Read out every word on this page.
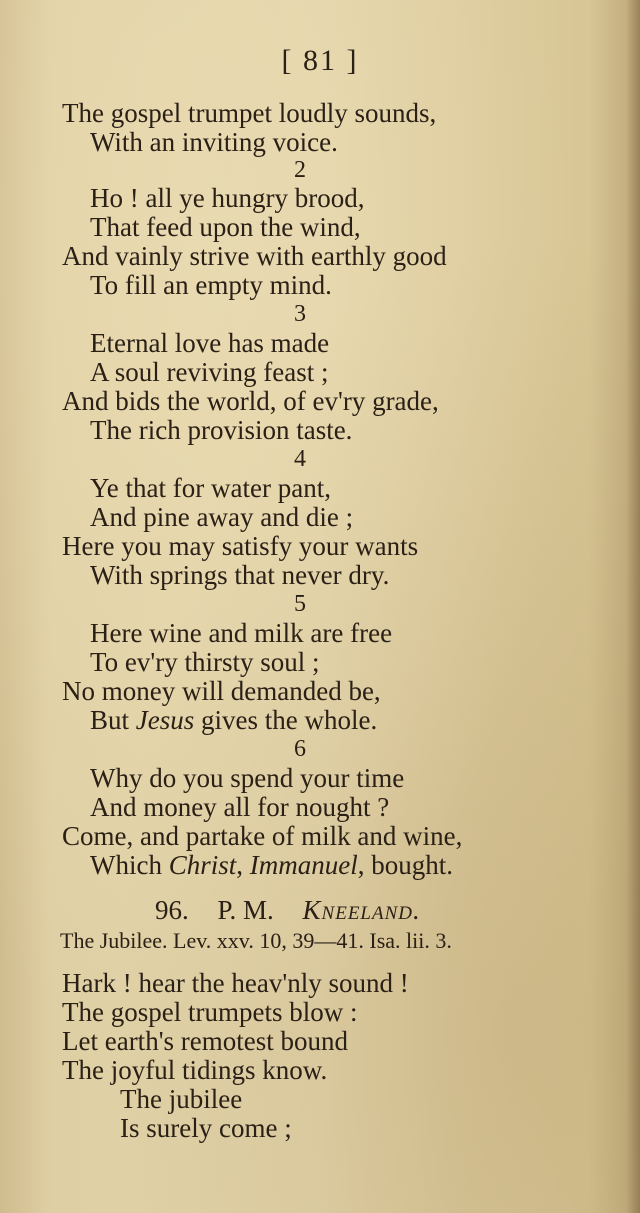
[ 81 ]
The gospel trumpet loudly sounds,
With an inviting voice.
2
Ho ! all ye hungry brood,
That feed upon the wind,
And vainly strive with earthly good
To fill an empty mind.
3
Eternal love has made
A soul reviving feast ;
And bids the world, of ev'ry grade,
The rich provision taste.
4
Ye that for water pant,
And pine away and die ;
Here you may satisfy your wants
With springs that never dry.
5
Here wine and milk are free
To ev'ry thirsty soul ;
No money will demanded be,
But Jesus gives the whole.
6
Why do you spend your time
And money all for nought ?
Come, and partake of milk and wine,
Which Christ, Immanuel, bought.
96. P. M. Kneeland.
The Jubilee. Lev. xxv. 10, 39—41. Isa. lii. 3.
Hark ! hear the heav'nly sound !
The gospel trumpets blow :
Let earth's remotest bound
The joyful tidings know.
The jubilee
Is surely come ;
